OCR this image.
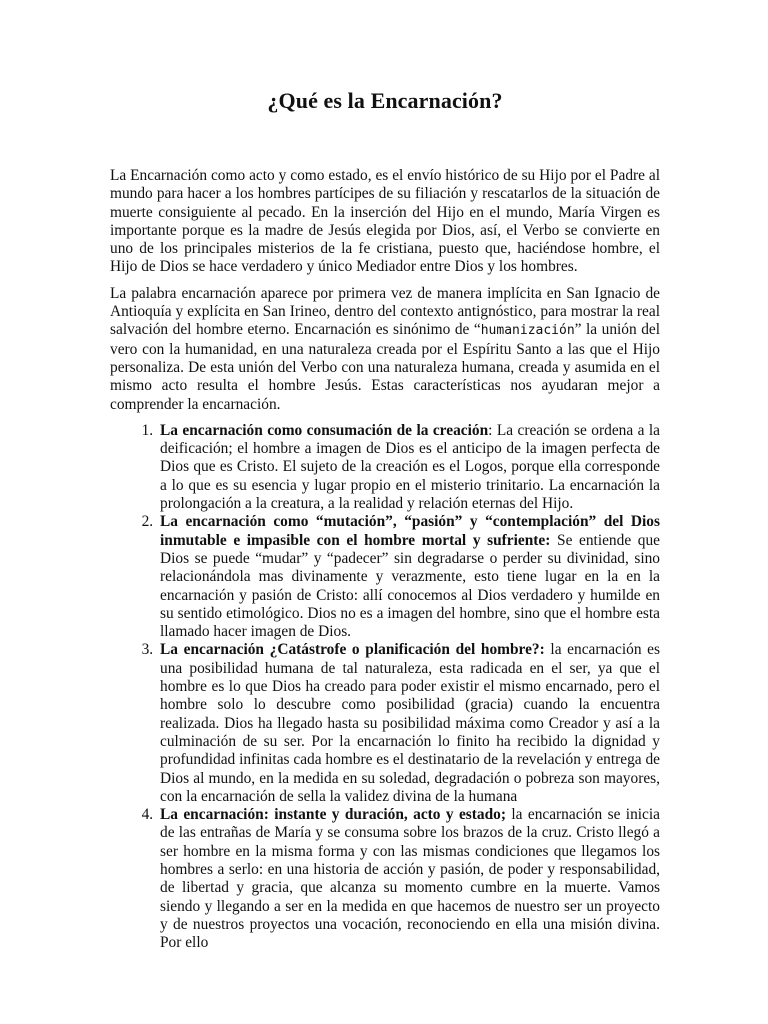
¿Qué es la Encarnación?

La Encarnación como acto y como estado, es el envío histórico de su Hijo por el Padre al mundo para hacer a los hombres partícipes de su filiación y rescatarlos de la situación de muerte consiguiente al pecado. En la inserción del Hijo en el mundo, María Virgen es importante porque es la madre de Jesús elegida por Dios, así, el Verbo se convierte en uno de los principales misterios de la fe cristiana, puesto que, haciéndose hombre, el Hijo de Dios se hace verdadero y único Mediador entre Dios y los hombres.

La palabra encarnación aparece por primera vez de manera implícita en San Ignacio de Antioquía y explícita en San Irineo, dentro del contexto antignóstico, para mostrar la real salvación del hombre eterno. Encarnación es sinónimo de “humanización” la unión del vero con la humanidad, en una naturaleza creada por el Espíritu Santo a las que el Hijo personaliza. De esta unión del Verbo con una naturaleza humana, creada y asumida en el mismo acto resulta el hombre Jesús. Estas características nos ayudaran mejor a comprender la encarnación.

1. La encarnación como consumación de la creación: La creación se ordena a la deificación; el hombre a imagen de Dios es el anticipo de la imagen perfecta de Dios que es Cristo. El sujeto de la creación es el Logos, porque ella corresponde a lo que es su esencia y lugar propio en el misterio trinitario. La encarnación la prolongación a la creatura, a la realidad y relación eternas del Hijo.
2. La encarnación como “mutación”, “pasión” y “contemplación” del Dios inmutable e impasible con el hombre mortal y sufriente: Se entiende que Dios se puede “mudar” y “padecer” sin degradarse o perder su divinidad, sino relacionándola mas divinamente y verazmente, esto tiene lugar en la en la encarnación y pasión de Cristo: allí conocemos al Dios verdadero y humilde en su sentido etimológico. Dios no es a imagen del hombre, sino que el hombre esta llamado hacer imagen de Dios.
3. La encarnación ¿Catástrofe o planificación del hombre?: la encarnación es una posibilidad humana de tal naturaleza, esta radicada en el ser, ya que el hombre es lo que Dios ha creado para poder existir el mismo encarnado, pero el hombre solo lo descubre como posibilidad (gracia) cuando la encuentra realizada. Dios ha llegado hasta su posibilidad máxima como Creador y así a la culminación de su ser. Por la encarnación lo finito ha recibido la dignidad y profundidad infinitas cada hombre es el destinatario de la revelación y entrega de Dios al mundo, en la medida en su soledad, degradación o pobreza son mayores, con la encarnación de sella la validez divina de la humana
4. La encarnación: instante y duración, acto y estado; la encarnación se inicia de las entrañas de María y se consuma sobre los brazos de la cruz. Cristo llegó a ser hombre en la misma forma y con las mismas condiciones que llegamos los hombres a serlo: en una historia de acción y pasión, de poder y responsabilidad, de libertad y gracia, que alcanza su momento cumbre en la muerte. Vamos siendo y llegando a ser en la medida en que hacemos de nuestro ser un proyecto y de nuestros proyectos una vocación, reconociendo en ella una misión divina. Por ello
